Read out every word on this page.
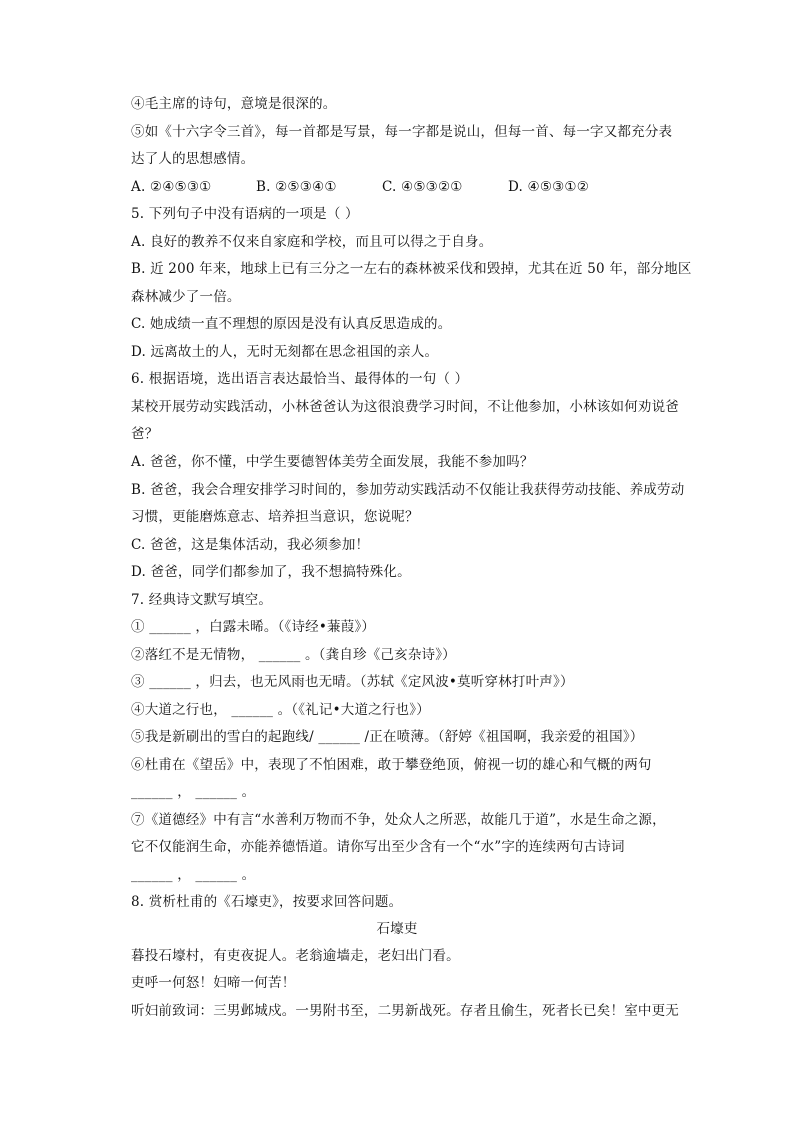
④毛主席的诗句，意境是很深的。
⑤如《十六字令三首》，每一首都是写景，每一字都是说山，但每一首、每一字又都充分表
达了人的思想感情。
A. ②④⑤③①	B. ②⑤③④①	C. ④⑤③②①	D. ④⑤③①②
5. 下列句子中没有语病的一项是（ ）
A. 良好的教养不仅来自家庭和学校，而且可以得之于自身。
B. 近 200 年来，地球上已有三分之一左右的森林被采伐和毁掉，尤其在近 50 年，部分地区
森林减少了一倍。
C. 她成绩一直不理想的原因是没有认真反思造成的。
D. 远离故土的人，无时无刻都在思念祖国的亲人。
6. 根据语境，选出语言表达最恰当、最得体的一句（ ）
某校开展劳动实践活动，小林爸爸认为这很浪费学习时间，不让他参加，小林该如何劝说爸
爸？
A. 爸爸，你不懂，中学生要德智体美劳全面发展，我能不参加吗？
B. 爸爸，我会合理安排学习时间的，参加劳动实践活动不仅能让我获得劳动技能、养成劳动
习惯，更能磨炼意志、培养担当意识，您说呢？
C. 爸爸，这是集体活动，我必须参加！
D. 爸爸，同学们都参加了，我不想搞特殊化。
7. 经典诗文默写填空。
① ______ ，白露未晞。（《诗经•蒹葭》）
②落红不是无情物， ______ 。（龚自珍《己亥杂诗》）
③ ______ ，归去，也无风雨也无晴。（苏轼《定风波•莫听穿林打叶声》）
④大道之行也， ______ 。（《礼记•大道之行也》）
⑤我是新刷出的雪白的起跑线/ ______ /正在喷薄。（舒婷《祖国啊，我亲爱的祖国》）
⑥杜甫在《望岳》中，表现了不怕困难，敢于攀登绝顶，俯视一切的雄心和气概的两句
______ ， ______ 。
⑦《道德经》中有言“水善利万物而不争，处众人之所恶，故能几于道”，水是生命之源，
它不仅能润生命，亦能养德悟道。请你写出至少含有一个“水”字的连续两句古诗词
______ ， ______ 。
8. 赏析杜甫的《石壕吏》，按要求回答问题。
石壕吏
暮投石壕村，有吏夜捉人。老翁逾墙走，老妇出门看。
吏呼一何怒！妇啼一何苦！
听妇前致词：三男邺城戍。一男附书至，二男新战死。存者且偷生，死者长已矣！室中更无
